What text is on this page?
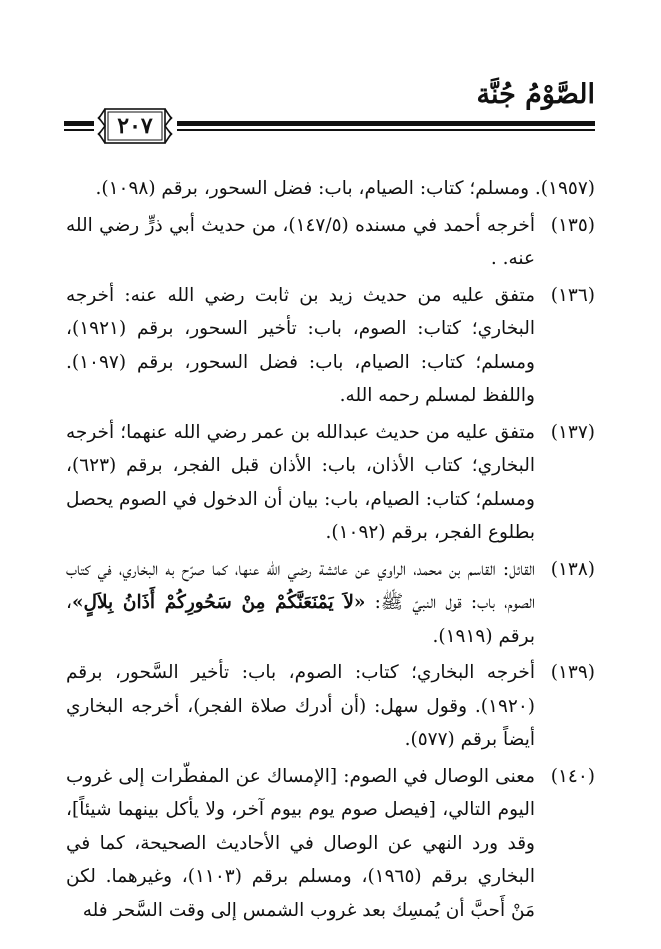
الصَّوْمُ جُنَّة
٢٠٧
(١٩٥٧). ومسلم؛ كتاب: الصيام، باب: فضل السحور، برقم (١٠٩٨).
(١٣٥)
أخرجه أحمد في مسنده (١٤٧/٥)، من حديث أبي ذرٍّ رضي الله عنه. .
(١٣٦)
متفق عليه من حديث زيد بن ثابت رضي الله عنه: أخرجه البخاري؛ كتاب: الصوم، باب: تأخير السحور، برقم (١٩٢١)، ومسلم؛ كتاب: الصيام، باب: فضل السحور، برقم (١٠٩٧). واللفظ لمسلم رحمه الله.
(١٣٧)
متفق عليه من حديث عبدالله بن عمر رضي الله عنهما؛ أخرجه البخاري؛ كتاب الأذان، باب: الأذان قبل الفجر، برقم (٦٢٣)، ومسلم؛ كتاب: الصيام، باب: بيان أن الدخول في الصوم يحصل بطلوع الفجر، برقم (١٠٩٢).
(١٣٨)
القائل: القاسم بن محمد، الراوي عن عائشة رضي الله عنها، كما صرّح به البخاري، في كتاب الصوم، باب: قول النبيّ ﷺ: «لاَ يَمْنَعَنَّكُمْ مِنْ سَحُورِكُمْ أَذَانُ بِلاَلٍ»، برقم (١٩١٩).
(١٣٩)
أخرجه البخاري؛ كتاب: الصوم، باب: تأخير السَّحور، برقم (١٩٢٠). وقول سهل: (أن أدرك صلاة الفجر)، أخرجه البخاري أيضاً برقم (٥٧٧).
(١٤٠)
معنى الوصال في الصوم: [الإمساك عن المفطّرات إلى غروب اليوم التالي، [فيصل صوم يوم بيوم آخر، ولا يأكل بينهما شيئاً]، وقد ورد النهي عن الوصال في الأحاديث الصحيحة، كما في البخاري برقم (١٩٦٥)، ومسلم برقم (١١٠٣)، وغيرهما. لكن مَنْ أَحبَّ أن يُمسِك بعد غروب الشمس إلى وقت السَّحر فله
